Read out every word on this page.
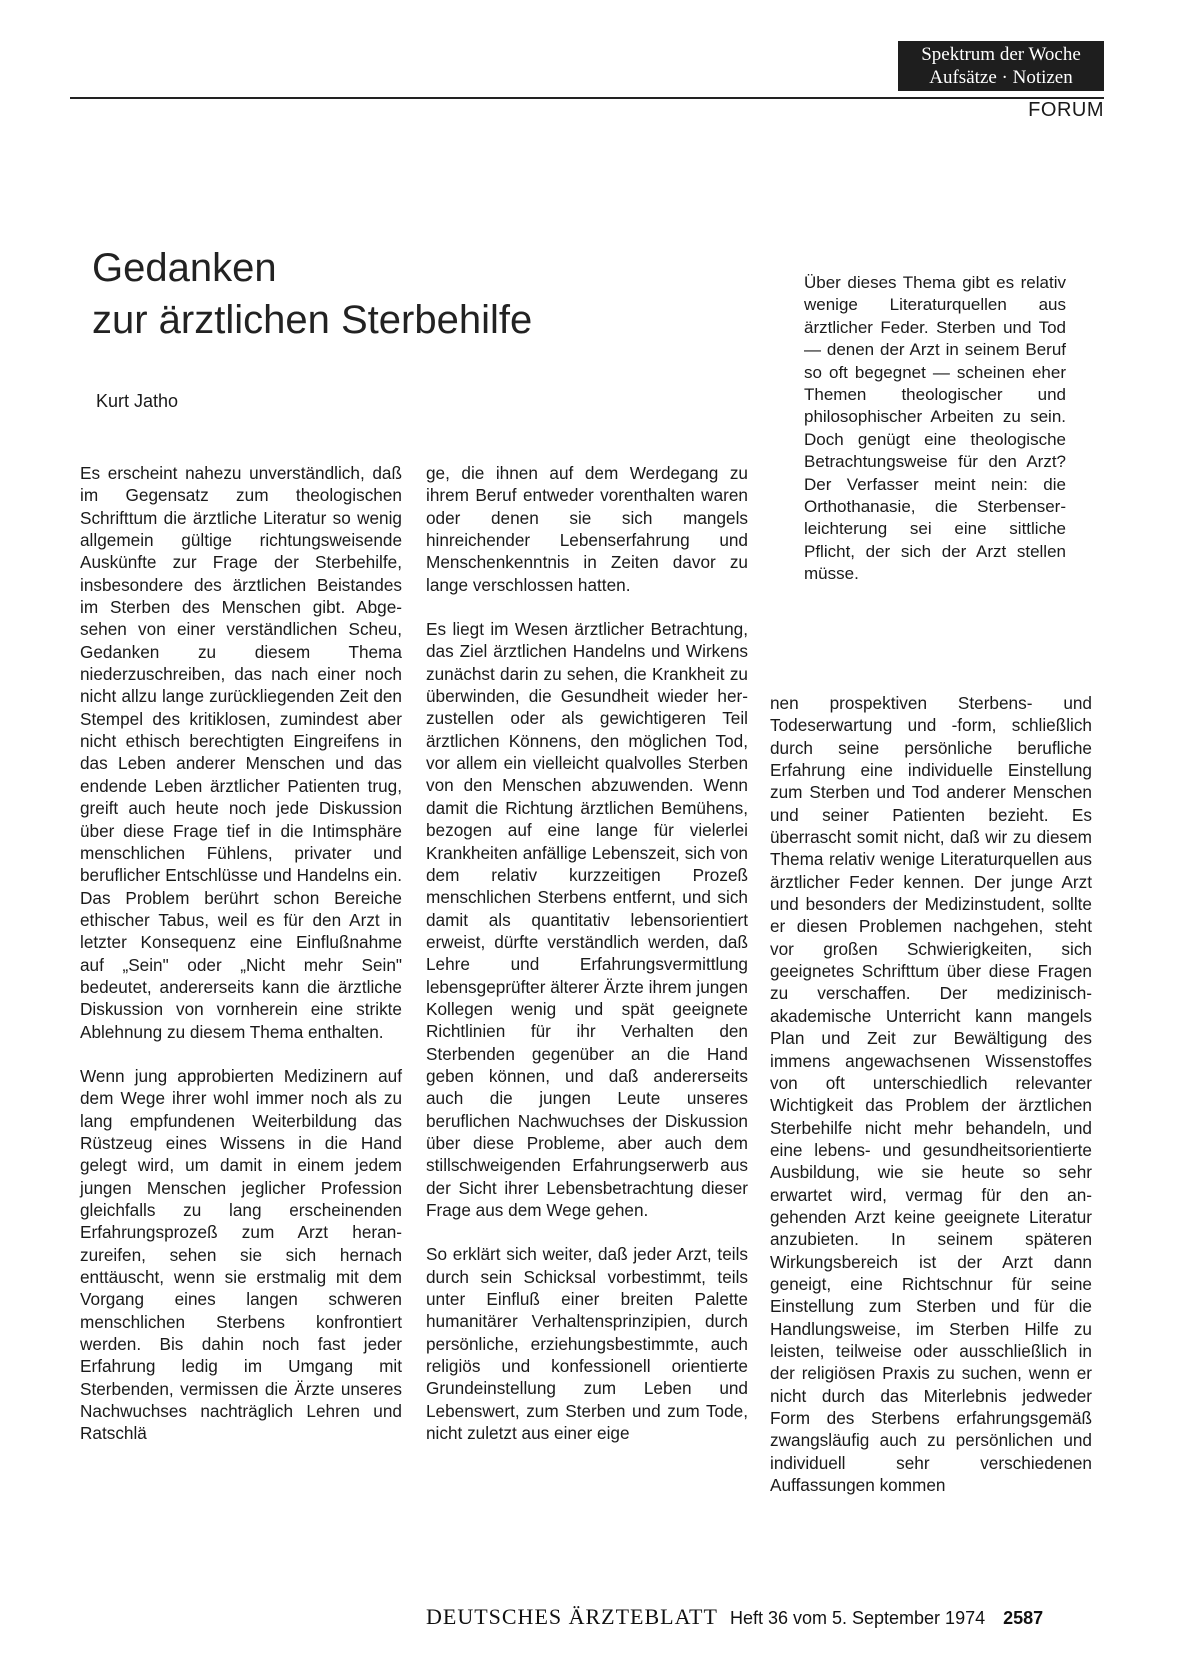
Spektrum der Woche
Aufsätze · Notizen
FORUM
Gedanken
zur ärztlichen Sterbehilfe
Kurt Jatho
Über dieses Thema gibt es relativ wenige Literaturquellen aus ärztlicher Feder. Sterben und Tod — denen der Arzt in seinem Beruf so oft begegnet — scheinen eher Themen theologischer und philosophischer Arbeiten zu sein. Doch genügt eine theologische Betrachtungsweise für den Arzt? Der Verfasser meint nein: die Orthothanasie, die Sterbenserleichterung sei eine sittliche Pflicht, der sich der Arzt stellen müsse.

Es erscheint nahezu unverständlich, daß im Gegensatz zum theologischen Schrifttum die ärztliche Literatur so wenig allgemein gültige richtungsweisende Auskünfte zur Frage der Sterbehilfe, insbesondere des ärztlichen Beistandes im Sterben des Menschen gibt. Abgesehen von einer verständlichen Scheu, Gedanken zu diesem Thema niederzuschreiben, das nach einer noch nicht allzu lange zurückliegenden Zeit den Stempel des kritiklosen, zumindest aber nicht ethisch berechtigten Eingreifens in das Leben anderer Menschen und das endende Leben ärztlicher Patienten trug, greift auch heute noch jede Diskussion über diese Frage tief in die Intimsphäre menschlichen Fühlens, privater und beruflicher Entschlüsse und Handelns ein. Das Problem berührt schon Bereiche ethischer Tabus, weil es für den Arzt in letzter Konsequenz eine Einflußnahme auf „Sein" oder „Nicht mehr Sein" bedeutet, andererseits kann die ärztliche Diskussion von vornherein eine strikte Ablehnung zu diesem Thema enthalten.

Wenn jung approbierten Medizinern auf dem Wege ihrer wohl immer noch als zu lang empfundenen Weiterbildung das Rüstzeug eines Wissens in die Hand gelegt wird, um damit in einem jedem jungen Menschen jeglicher Profession gleichfalls zu lang erscheinenden Erfahrungsprozeß zum Arzt heranzureifen, sehen sie sich hernach enttäuscht, wenn sie erstmalig mit dem Vorgang eines langen schweren menschlichen Sterbens konfrontiert werden. Bis dahin noch fast jeder Erfahrung ledig im Umgang mit Sterbenden, vermissen die Ärzte unseres Nachwuchses nachträglich Lehren und Ratschlä

ge, die ihnen auf dem Werdegang zu ihrem Beruf entweder vorenthalten waren oder denen sie sich mangels hinreichender Lebenserfahrung und Menschenkenntnis in Zeiten davor zu lange verschlossen hatten.

Es liegt im Wesen ärztlicher Betrachtung, das Ziel ärztlichen Handelns und Wirkens zunächst darin zu sehen, die Krankheit zu überwinden, die Gesundheit wieder herzustellen oder als gewichtigeren Teil ärztlichen Könnens, den möglichen Tod, vor allem ein vielleicht qualvolles Sterben von den Menschen abzuwenden. Wenn damit die Richtung ärztlichen Bemühens, bezogen auf eine lange für vielerlei Krankheiten anfällige Lebenszeit, sich von dem relativ kurzzeitigen Prozeß menschlichen Sterbens entfernt, und sich damit als quantitativ lebensorientiert erweist, dürfte verständlich werden, daß Lehre und Erfahrungsvermittlung lebensgeprüfter älterer Ärzte ihrem jungen Kollegen wenig und spät geeignete Richtlinien für ihr Verhalten den Sterbenden gegenüber an die Hand geben können, und daß andererseits auch die jungen Leute unseres beruflichen Nachwuchses der Diskussion über diese Probleme, aber auch dem stillschweigenden Erfahrungserwerb aus der Sicht ihrer Lebensbetrachtung dieser Frage aus dem Wege gehen.

So erklärt sich weiter, daß jeder Arzt, teils durch sein Schicksal vorbestimmt, teils unter Einfluß einer breiten Palette humanitärer Verhaltensprinzipien, durch persönliche, erziehungsbestimmte, auch religiös und konfessionell orientierte Grundeinstellung zum Leben und Lebenswert, zum Sterben und zum Tode, nicht zuletzt aus einer eige

nen prospektiven Sterbens- und Todeserwartung und -form, schließlich durch seine persönliche berufliche Erfahrung eine individuelle Einstellung zum Sterben und Tod anderer Menschen und seiner Patienten bezieht. Es überrascht somit nicht, daß wir zu diesem Thema relativ wenige Literaturquellen aus ärztlicher Feder kennen. Der junge Arzt und besonders der Medizinstudent, sollte er diesen Problemen nachgehen, steht vor großen Schwierigkeiten, sich geeignetes Schrifttum über diese Fragen zu verschaffen. Der medizinisch-akademische Unterricht kann mangels Plan und Zeit zur Bewältigung des immens angewachsenen Wissenstoffes von oft unterschiedlich relevanter Wichtigkeit das Problem der ärztlichen Sterbehilfe nicht mehr behandeln, und eine lebens- und gesundheitsorientierte Ausbildung, wie sie heute so sehr erwartet wird, vermag für den angehenden Arzt keine geeignete Literatur anzubieten. In seinem späteren Wirkungsbereich ist der Arzt dann geneigt, eine Richtschnur für seine Einstellung zum Sterben und für die Handlungsweise, im Sterben Hilfe zu leisten, teilweise oder ausschließlich in der religiösen Praxis zu suchen, wenn er nicht durch das Miterlebnis jedweder Form des Sterbens erfahrungsgemäß zwangsläufig auch zu persönlichen und individuell sehr verschiedenen Auffassungen kommen

DEUTSCHES ÄRZTEBLATT Heft 36 vom 5. September 1974 2587
